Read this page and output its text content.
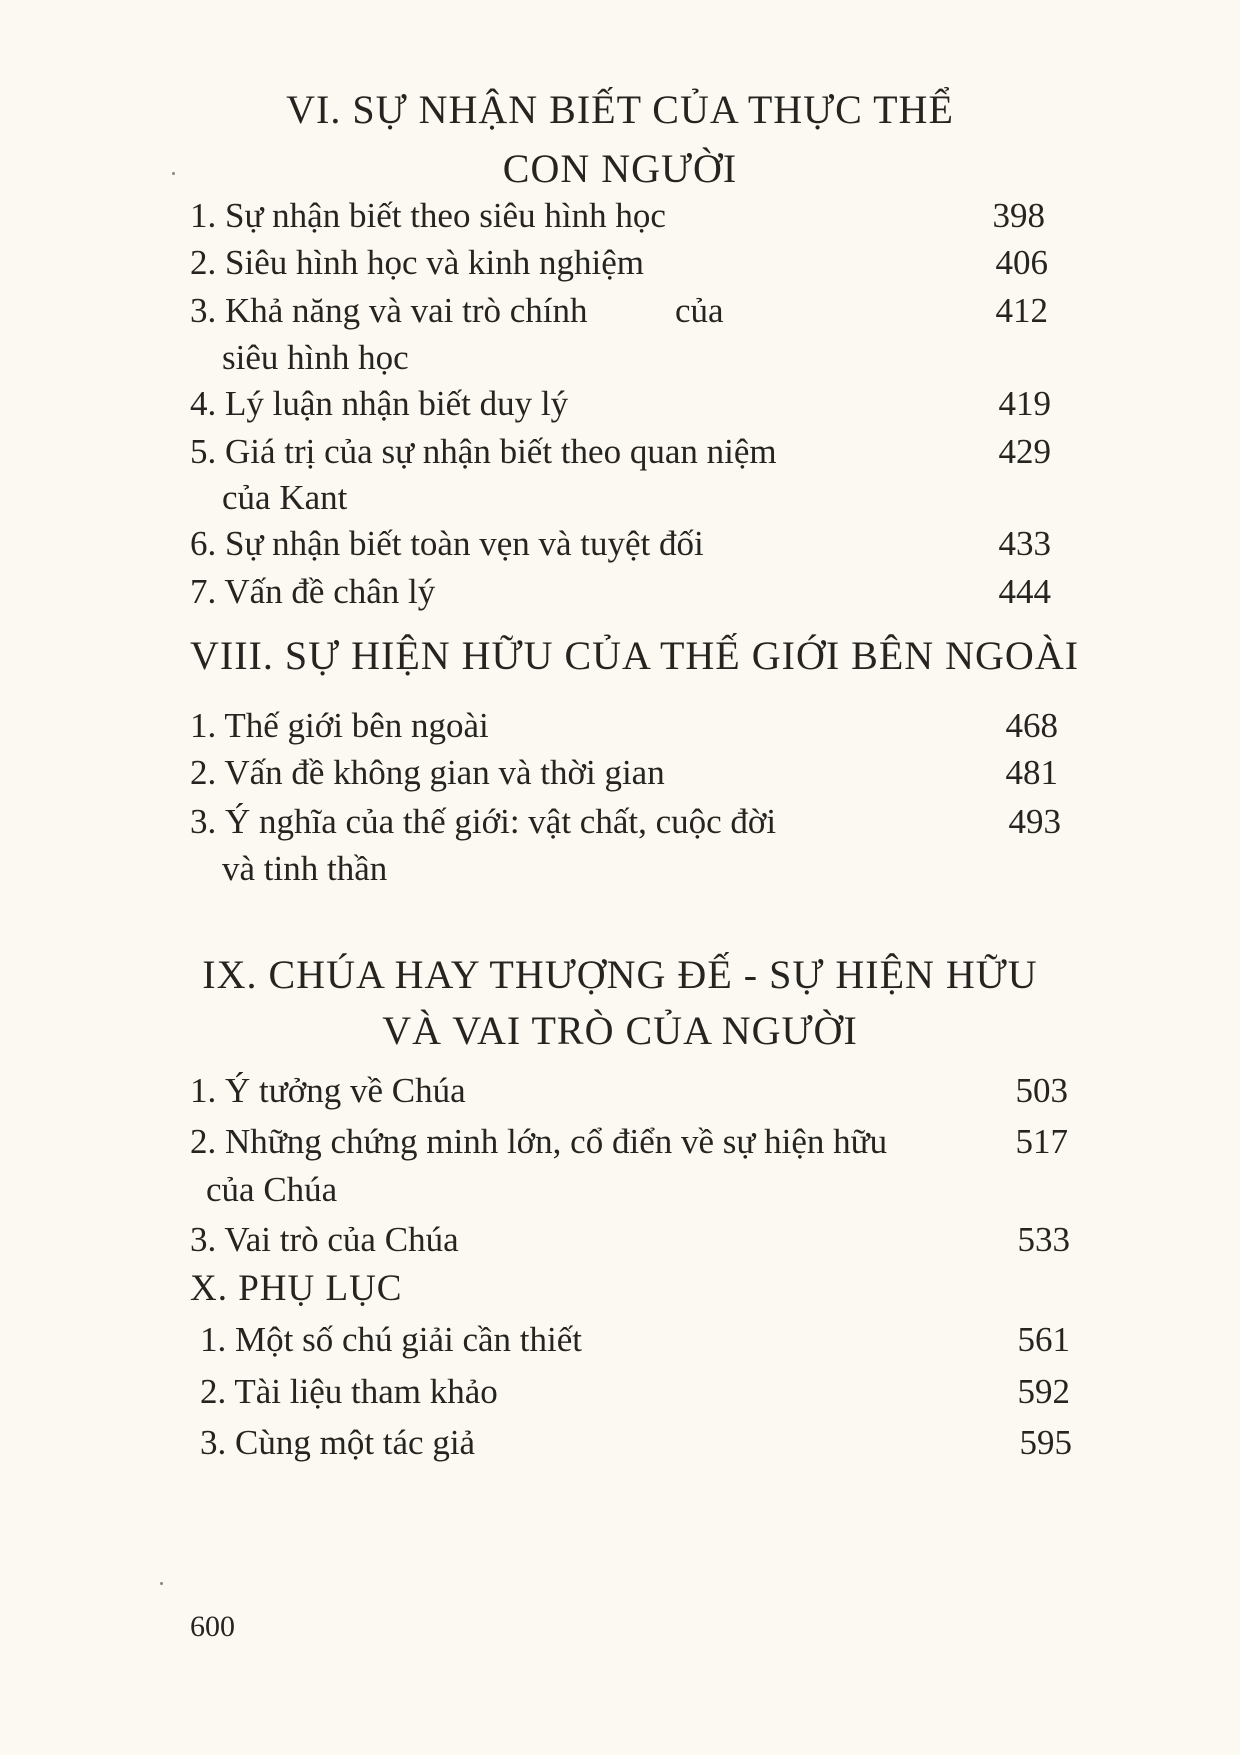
VI. SỰ NHẬN BIẾT CỦA THỰC THỂ
CON NGƯỜI
1. Sự nhận biết theo siêu hình học	398
2. Siêu hình học và kinh nghiệm	406
3. Khả năng và vai trò chính          của	412
siêu hình học
4. Lý luận nhận biết duy lý	419
5. Giá trị của sự nhận biết theo quan niệm	429
của Kant
6. Sự nhận biết toàn vẹn và tuyệt đối	433
7. Vấn đề chân lý	444
VIII. SỰ HIỆN HỮU CỦA THẾ GIỚI BÊN NGOÀI
1. Thế giới bên ngoài	468
2. Vấn đề không gian và thời gian	481
3. Ý nghĩa của thế giới: vật chất, cuộc đời	493
và tinh thần
IX. CHÚA HAY THƯỢNG ĐẾ - SỰ HIỆN HỮU
VÀ VAI TRÒ CỦA NGƯỜI
1. Ý tưởng về Chúa	503
2. Những chứng minh lớn, cổ điển về sự hiện hữu	517
của Chúa
3. Vai trò của Chúa	533
X. PHỤ LỤC
1. Một số chú giải cần thiết	561
2. Tài liệu tham khảo	592
3. Cùng một tác giả	595
600
